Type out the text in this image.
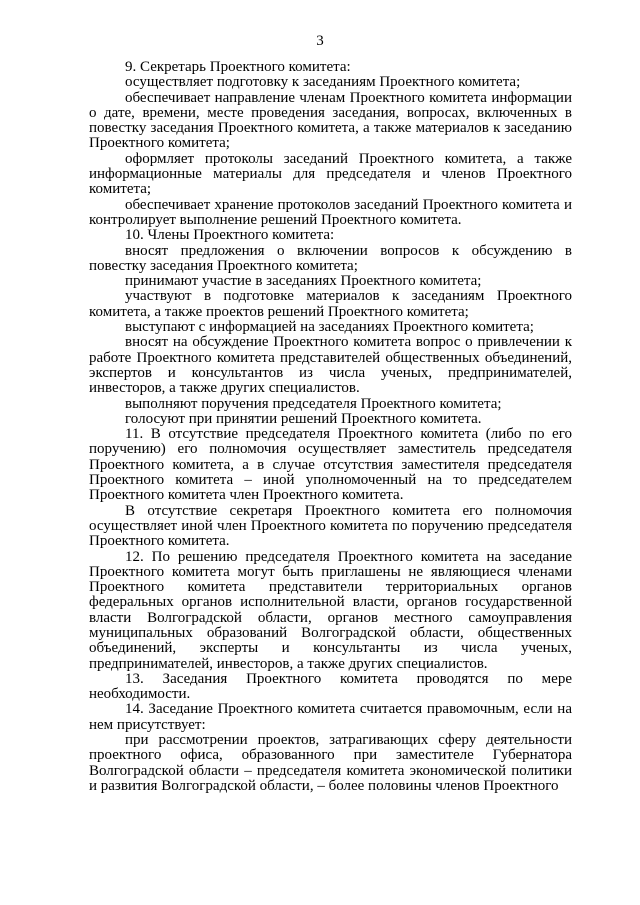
3

9. Секретарь Проектного комитета:

осуществляет подготовку к заседаниям Проектного комитета;

обеспечивает направление членам Проектного комитета информации о дате, времени, месте проведения заседания, вопросах, включенных в повестку заседания Проектного комитета, а также материалов к заседанию Проектного комитета;

оформляет протоколы заседаний Проектного комитета, а также информационные материалы для председателя и членов Проектного комитета;

обеспечивает хранение протоколов заседаний Проектного комитета и контролирует выполнение решений Проектного комитета.

10. Члены Проектного комитета:

вносят предложения о включении вопросов к обсуждению в повестку заседания Проектного комитета;

принимают участие в заседаниях Проектного комитета;

участвуют в подготовке материалов к заседаниям Проектного комитета, а также проектов решений Проектного комитета;

выступают с информацией на заседаниях Проектного комитета;

вносят на обсуждение Проектного комитета вопрос о привлечении к работе Проектного комитета представителей общественных объединений, экспертов и консультантов из числа ученых, предпринимателей, инвесторов, а также других специалистов.

выполняют поручения председателя Проектного комитета;

голосуют при принятии решений Проектного комитета.

11. В отсутствие председателя Проектного комитета (либо по его поручению) его полномочия осуществляет заместитель председателя Проектного комитета, а в случае отсутствия заместителя председателя Проектного комитета – иной уполномоченный на то председателем Проектного комитета член Проектного комитета.

В отсутствие секретаря Проектного комитета его полномочия осуществляет иной член Проектного комитета по поручению председателя Проектного комитета.

12. По решению председателя Проектного комитета на заседание Проектного комитета могут быть приглашены не являющиеся членами Проектного комитета представители территориальных органов федеральных органов исполнительной власти, органов государственной власти Волгоградской области, органов местного самоуправления муниципальных образований Волгоградской области, общественных объединений, эксперты и консультанты из числа ученых, предпринимателей, инвесторов, а также других специалистов.

13. Заседания Проектного комитета проводятся по мере необходимости.

14. Заседание Проектного комитета считается правомочным, если на нем присутствует:

при рассмотрении проектов, затрагивающих сферу деятельности проектного офиса, образованного при заместителе Губернатора Волгоградской области – председателя комитета экономической политики и развития Волгоградской области, – более половины членов Проектного
